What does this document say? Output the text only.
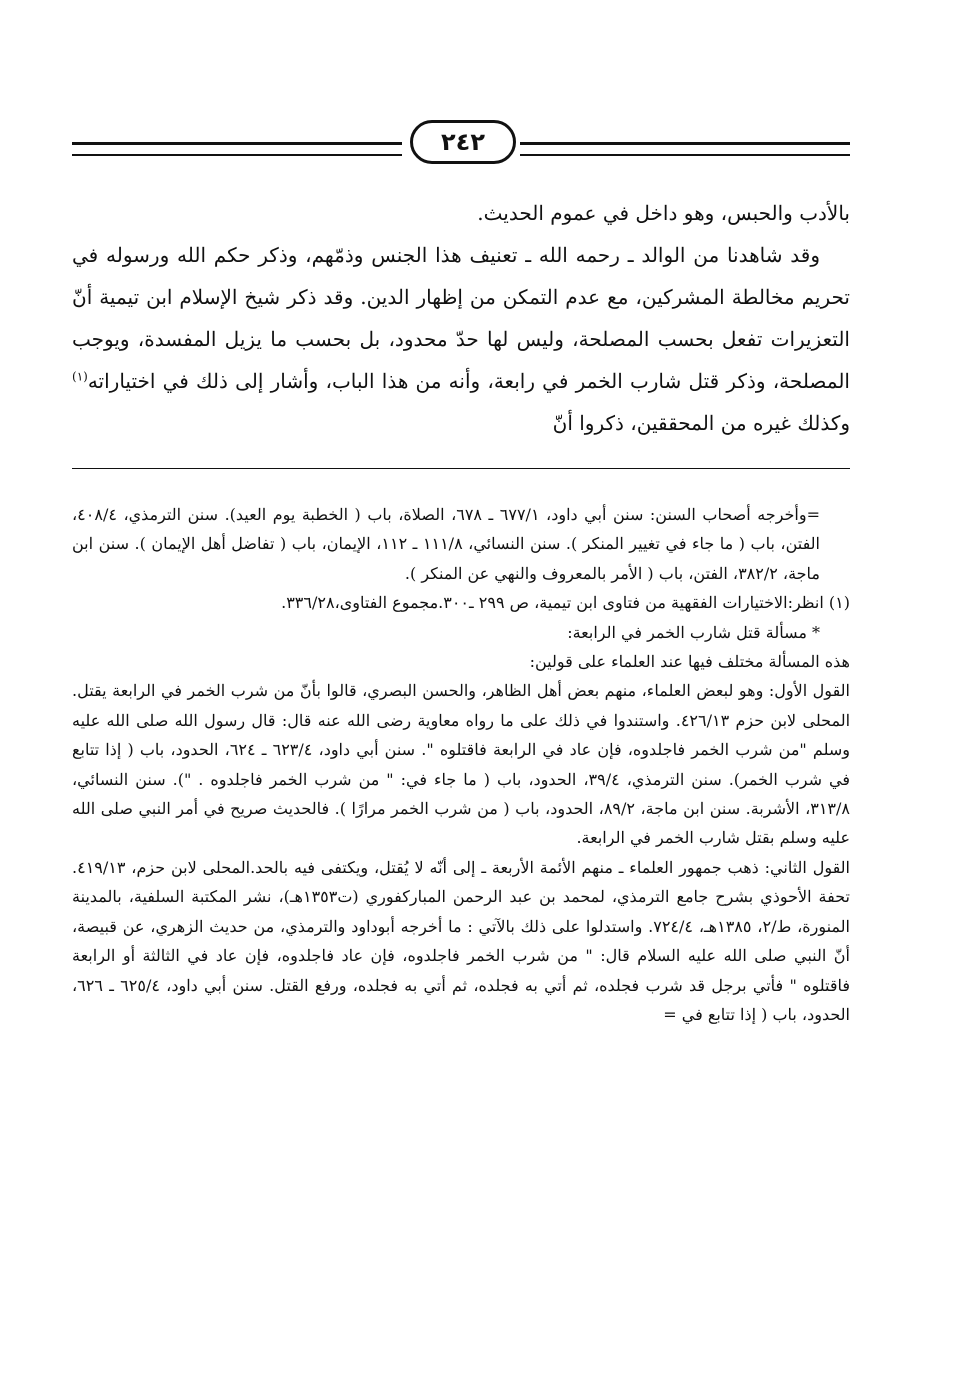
٢٤٢

بالأدب والحبس، وهو داخل في عموم الحديث.

وقد شاهدنا من الوالد ـ رحمه الله ـ تعنيف هذا الجنس وذمّهم، وذكر حكم الله ورسوله في تحريم مخالطة المشركين، مع عدم التمكن من إظهار الدين. وقد ذكر شيخ الإسلام ابن تيمية أنّ التعزيرات تفعل بحسب المصلحة، وليس لها حدّ محدود، بل بحسب ما يزيل المفسدة، ويوجب المصلحة، وذكر قتل شارب الخمر في رابعة، وأنه من هذا الباب، وأشار إلى ذلك في اختياراته$^{(١)}$ وكذلك غيره من المحققين، ذكروا أنّ

=وأخرجه أصحاب السنن: سنن أبي داود، ٦٧٧/١ ـ ٦٧٨، الصلاة، باب ( الخطبة يوم العيد). سنن الترمذي، ٤٠٨/٤، الفتن، باب ( ما جاء في تغيير المنكر ). سنن النسائي، ١١١/٨ ـ ١١٢، الإيمان، باب ( تفاضل أهل الإيمان ). سنن ابن ماجة، ٣٨٢/٢، الفتن، باب ( الأمر بالمعروف والنهي عن المنكر ).

(١) انظر:الاختيارات الفقهية من فتاوى ابن تيمية، ص ٢٩٩ ـ٣٠٠.مجموع الفتاوى،٣٣٦/٢٨.

* مسألة قتل شارب الخمر في الرابعة:

هذه المسألة مختلف فيها عند العلماء على قولين:

القول الأول: وهو لبعض العلماء، منهم بعض أهل الظاهر، والحسن البصري، قالوا بأنّ من شرب الخمر في الرابعة يقتل. المحلى لابن حزم ٤٢٦/١٣. واستندوا في ذلك على ما رواه معاوية رضى الله عنه قال: قال رسول الله صلى الله عليه وسلم "من شرب الخمر فاجلدوه، فإن عاد في الرابعة فاقتلوه ". سنن أبي داود، ٦٢٣/٤ ـ ٦٢٤، الحدود، باب ( إذا تتابع في شرب الخمر). سنن الترمذي، ٣٩/٤، الحدود، باب ( ما جاء في: " من شرب الخمر فاجلدوه . "). سنن النسائي، ٣١٣/٨، الأشربة. سنن ابن ماجة، ٨٩/٢، الحدود، باب ( من شرب الخمر مرارًا ). فالحديث صريح في أمر النبي صلى الله عليه وسلم بقتل شارب الخمر في الرابعة.

القول الثاني: ذهب جمهور العلماء ـ منهم الأئمة الأربعة ـ إلى أنّه لا يُقتل، ويكتفى فيه بالحد.المحلى لابن حزم، ٤١٩/١٣. تحفة الأحوذي بشرح جامع الترمذي، لمحمد بن عبد الرحمن المباركفوري (ت١٣٥٣هـ)، نشر المكتبة السلفية، بالمدينة المنورة، ط/٢، ١٣٨٥هـ، ٧٢٤/٤. واستدلوا على ذلك بالآتي : ما أخرجه أبوداود والترمذي، من حديث الزهري، عن قبيصة، أنّ النبي صلى الله عليه السلام قال: " من شرب الخمر فاجلدوه، فإن عاد فاجلدوه، فإن عاد في الثالثة أو الرابعة فاقتلوه " فأتي برجل قد شرب فجلده، ثم أتي به فجلده، ثم أتي به فجلده، ورفع القتل. سنن أبي داود، ٦٢٥/٤ ـ ٦٢٦، الحدود، باب ( إذا تتابع في =
